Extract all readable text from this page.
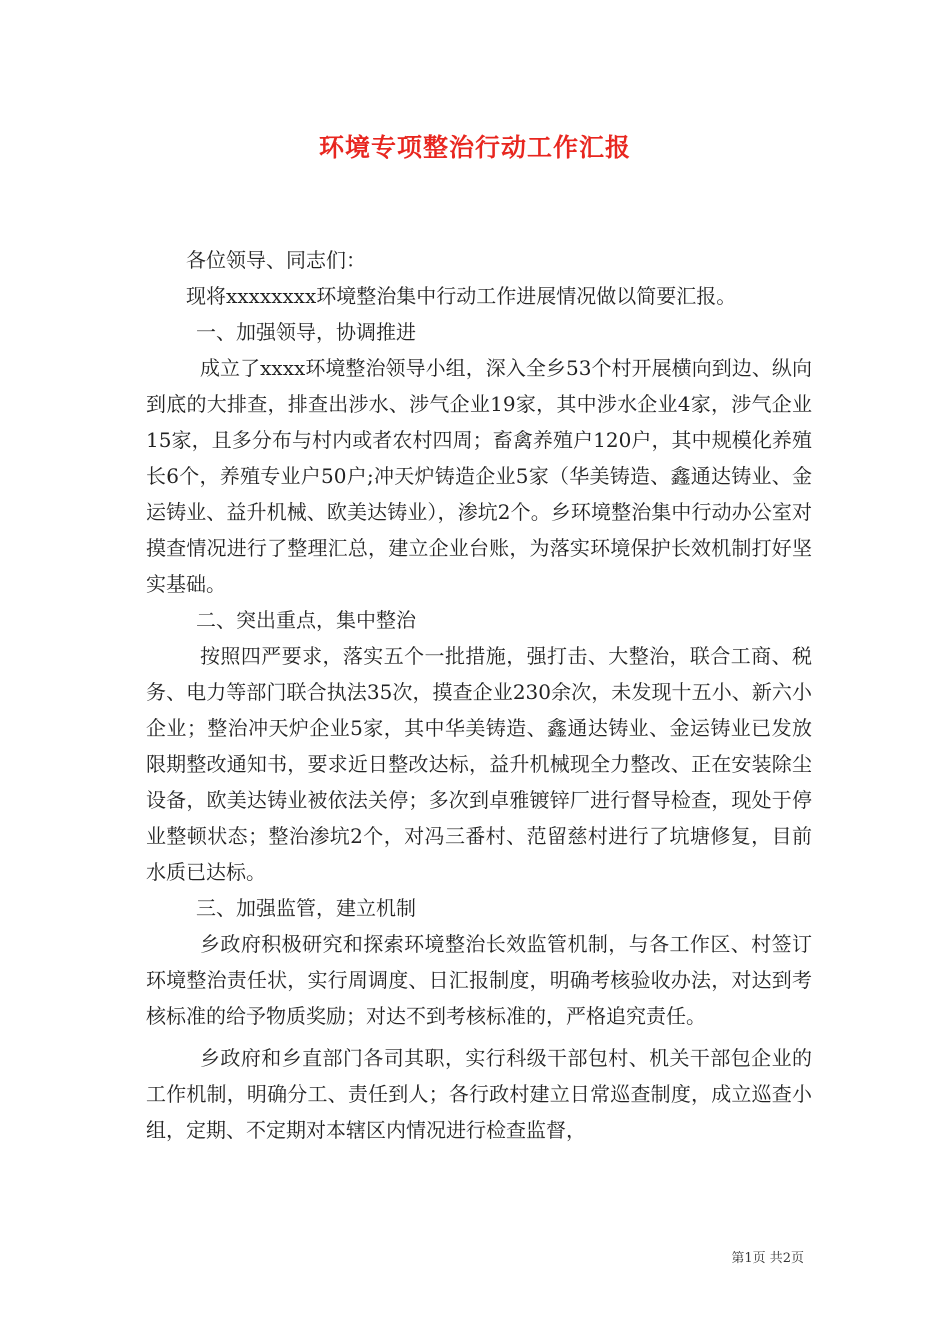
环境专项整治行动工作汇报
各位领导、同志们：
现将xxxxxxxx环境整治集中行动工作进展情况做以简要汇报。
一、加强领导，协调推进

成立了xxxx环境整治领导小组，深入全乡53个村开展横向到边、纵向到底的大排查，排查出涉水、涉气企业19家，其中涉水企业4家，涉气企业15家，且多分布与村内或者农村四周；畜禽养殖户120户，其中规模化养殖长6个，养殖专业户50户;冲天炉铸造企业5家（华美铸造、鑫通达铸业、金运铸业、益升机械、欧美达铸业），渗坑2个。乡环境整治集中行动办公室对摸查情况进行了整理汇总，建立企业台账，为落实环境保护长效机制打好坚实基础。

二、突出重点，集中整治

按照四严要求，落实五个一批措施，强打击、大整治，联合工商、税务、电力等部门联合执法35次，摸查企业230余次，未发现十五小、新六小企业；整治冲天炉企业5家，其中华美铸造、鑫通达铸业、金运铸业已发放限期整改通知书，要求近日整改达标，益升机械现全力整改、正在安装除尘设备，欧美达铸业被依法关停；多次到卓雅镀锌厂进行督导检查，现处于停业整顿状态；整治渗坑2个，对冯三番村、范留慈村进行了坑塘修复，目前水质已达标。

三、加强监管，建立机制

乡政府积极研究和探索环境整治长效监管机制，与各工作区、村签订环境整治责任状，实行周调度、日汇报制度，明确考核验收办法，对达到考核标准的给予物质奖励；对达不到考核标准的，严格追究责任。

乡政府和乡直部门各司其职，实行科级干部包村、机关干部包企业的工作机制，明确分工、责任到人；各行政村建立日常巡查制度，成立巡查小组，定期、不定期对本辖区内情况进行检查监督，

第1页 共2页
